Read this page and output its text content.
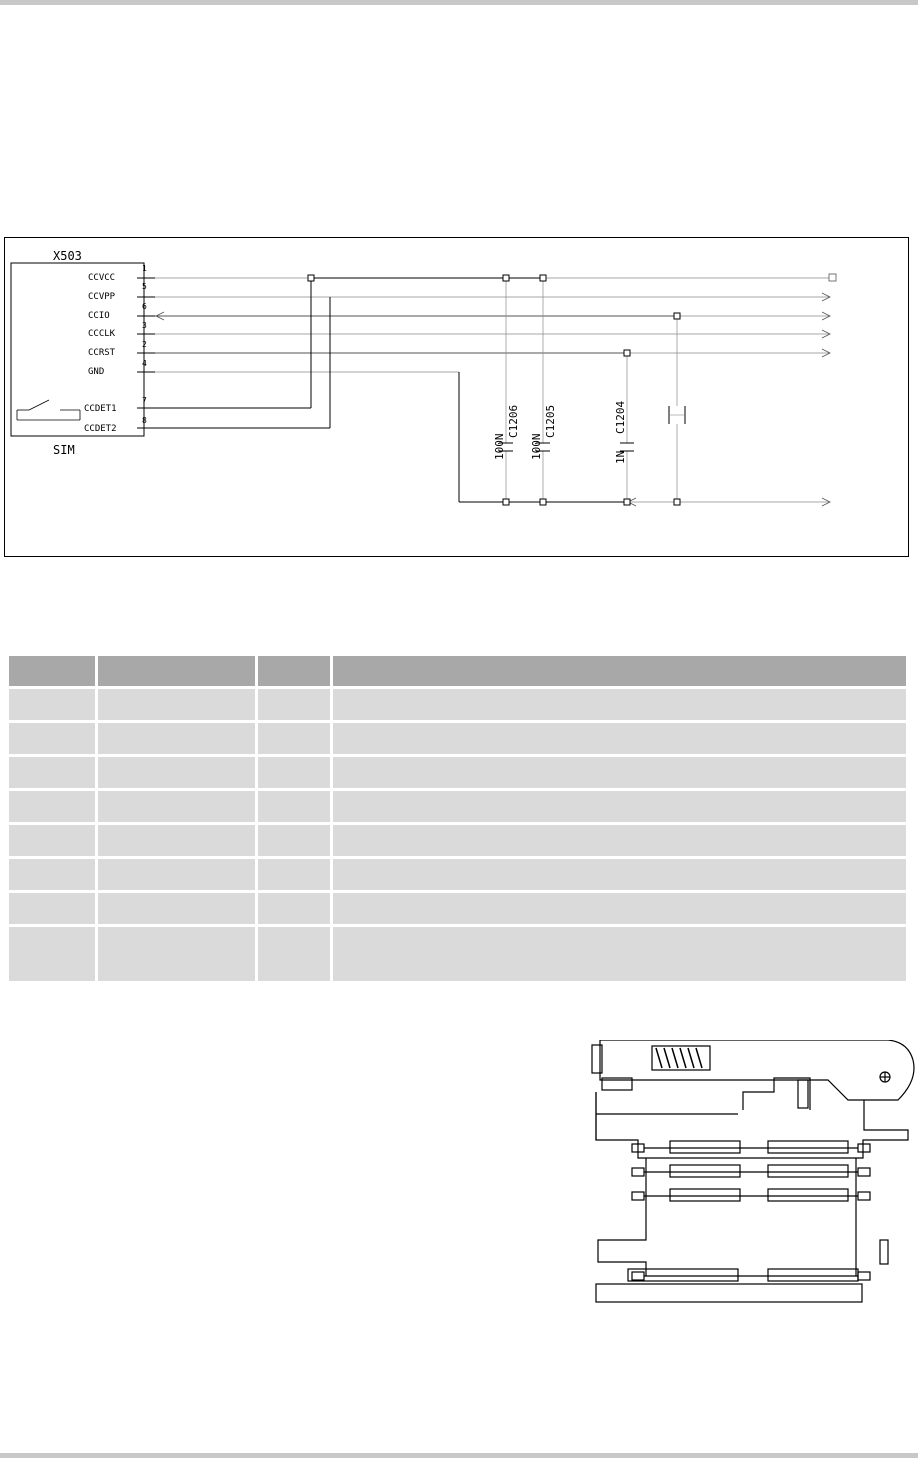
X503
SIM
CCVCC
CCVPP
CCIO
CCCLK
CCRST
GND
CCDET1
CCDET2
1
5
6
3
2
4
7
8
100N
C1206
100N
C1205
1N
C1204
